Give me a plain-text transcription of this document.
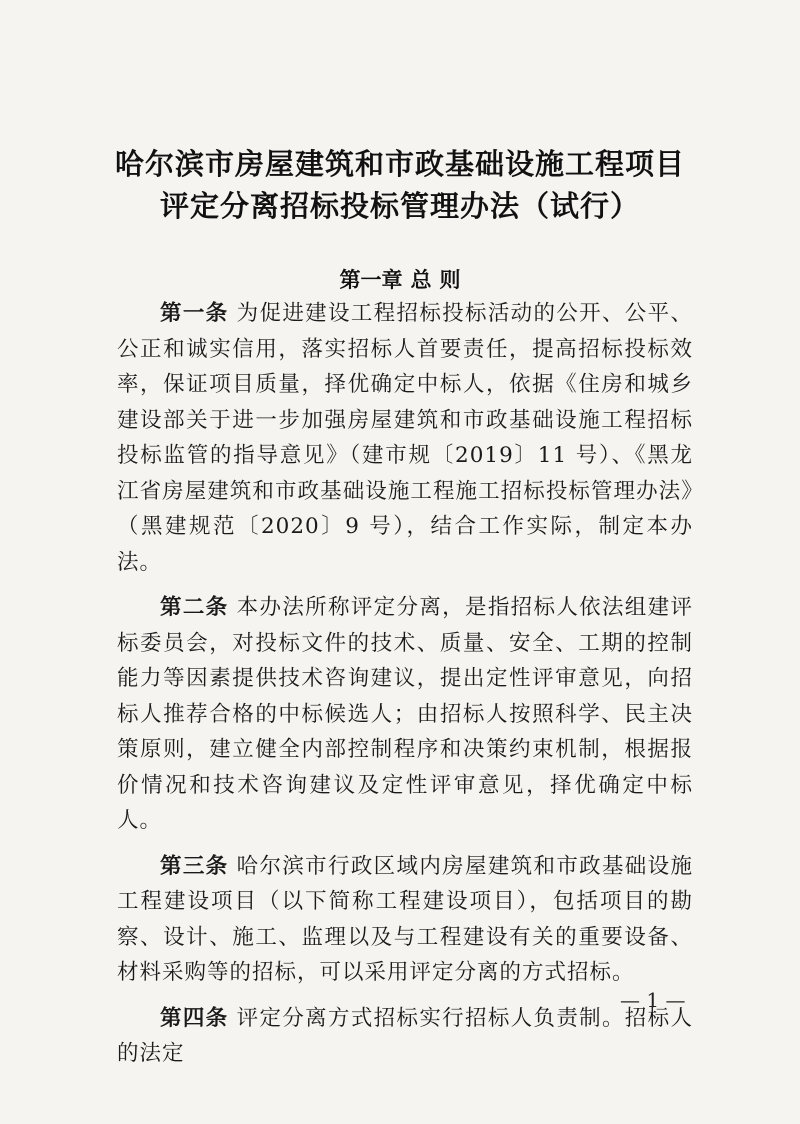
哈尔滨市房屋建筑和市政基础设施工程项目
评定分离招标投标管理办法（试行）
第一章 总 则

第一条 为促进建设工程招标投标活动的公开、公平、公正和诚实信用，落实招标人首要责任，提高招标投标效率，保证项目质量，择优确定中标人，依据《住房和城乡建设部关于进一步加强房屋建筑和市政基础设施工程招标投标监管的指导意见》（建市规〔2019〕11 号）、《黑龙江省房屋建筑和市政基础设施工程施工招标投标管理办法》（黑建规范〔2020〕9 号），结合工作实际，制定本办法。

第二条 本办法所称评定分离，是指招标人依法组建评标委员会，对投标文件的技术、质量、安全、工期的控制能力等因素提供技术咨询建议，提出定性评审意见，向招标人推荐合格的中标候选人；由招标人按照科学、民主决策原则，建立健全内部控制程序和决策约束机制，根据报价情况和技术咨询建议及定性评审意见，择优确定中标人。

第三条 哈尔滨市行政区域内房屋建筑和市政基础设施工程建设项目（以下简称工程建设项目），包括项目的勘察、设计、施工、监理以及与工程建设有关的重要设备、材料采购等的招标，可以采用评定分离的方式招标。

第四条 评定分离方式招标实行招标人负责制。招标人的法定

— 1 —
